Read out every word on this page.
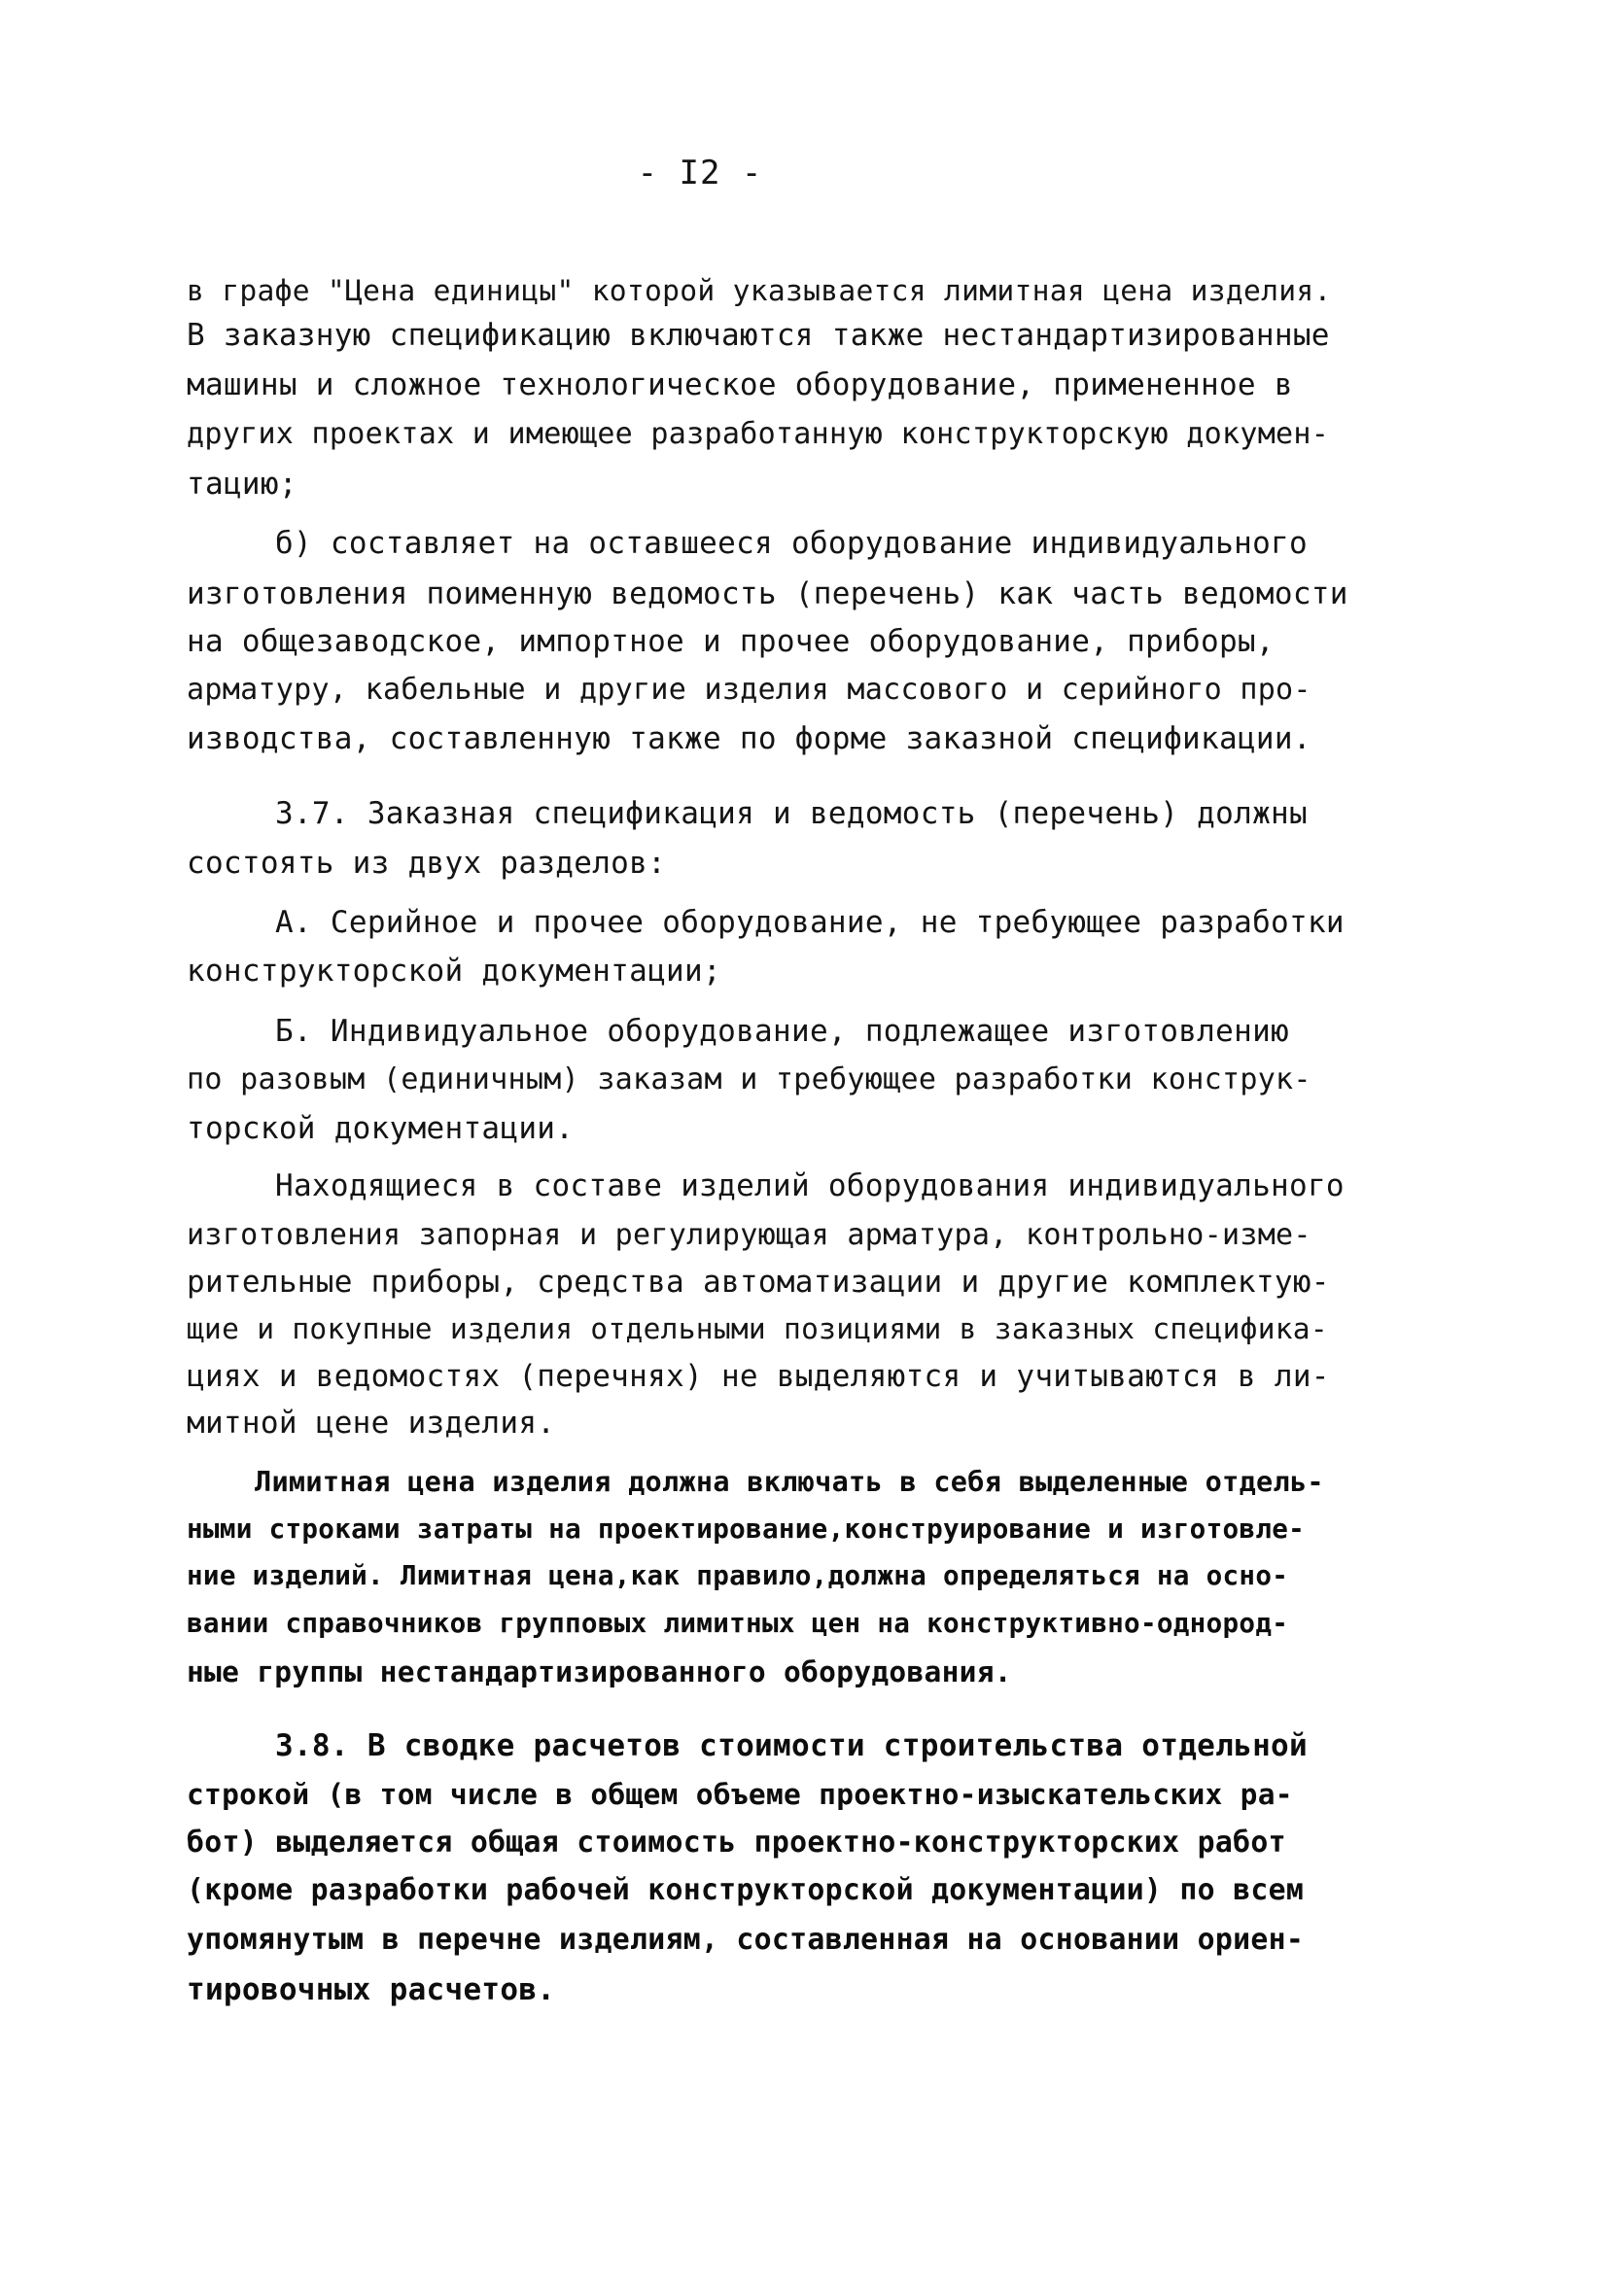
- I2 -
в графе "Цена единицы" которой указывается лимитная цена изделия.
В заказную спецификацию включаются также нестандартизированные
машины и сложное технологическое оборудование, примененное в
других проектах и имеющее разработанную конструкторскую докумен-
тацию;
б) составляет на оставшееся оборудование индивидуального
изготовления поименную ведомость (перечень) как часть ведомости
на общезаводское, импортное и прочее оборудование, приборы,
арматуру, кабельные и другие изделия массового и серийного про-
изводства, составленную также по форме заказной спецификации.
3.7. Заказная спецификация и ведомость (перечень) должны
состоять из двух разделов:
А. Серийное и прочее оборудование, не требующее разработки
конструкторской документации;
Б. Индивидуальное оборудование, подлежащее изготовлению
по разовым (единичным) заказам и требующее разработки конструк-
торской документации.
Находящиеся в составе изделий оборудования индивидуального
изготовления запорная и регулирующая арматура, контрольно-изме-
рительные приборы, средства автоматизации и другие комплектую-
щие и покупные изделия отдельными позициями в заказных специфика-
циях и ведомостях (перечнях) не выделяются и учитываются в ли-
митной цене изделия.
Лимитная цена изделия должна включать в себя выделенные отдель-
ными строками затраты на проектирование,конструирование и изготовле-
ние изделий. Лимитная цена,как правило,должна определяться на осно-
вании справочников групповых лимитных цен на конструктивно-однород-
ные группы нестандартизированного оборудования.
3.8. В сводке расчетов стоимости строительства отдельной
строкой (в том числе в общем объеме проектно-изыскательских ра-
бот) выделяется общая стоимость проектно-конструкторских работ
(кроме разработки рабочей конструкторской документации) по всем
упомянутым в перечне изделиям, составленная на основании ориен-
тировочных расчетов.
